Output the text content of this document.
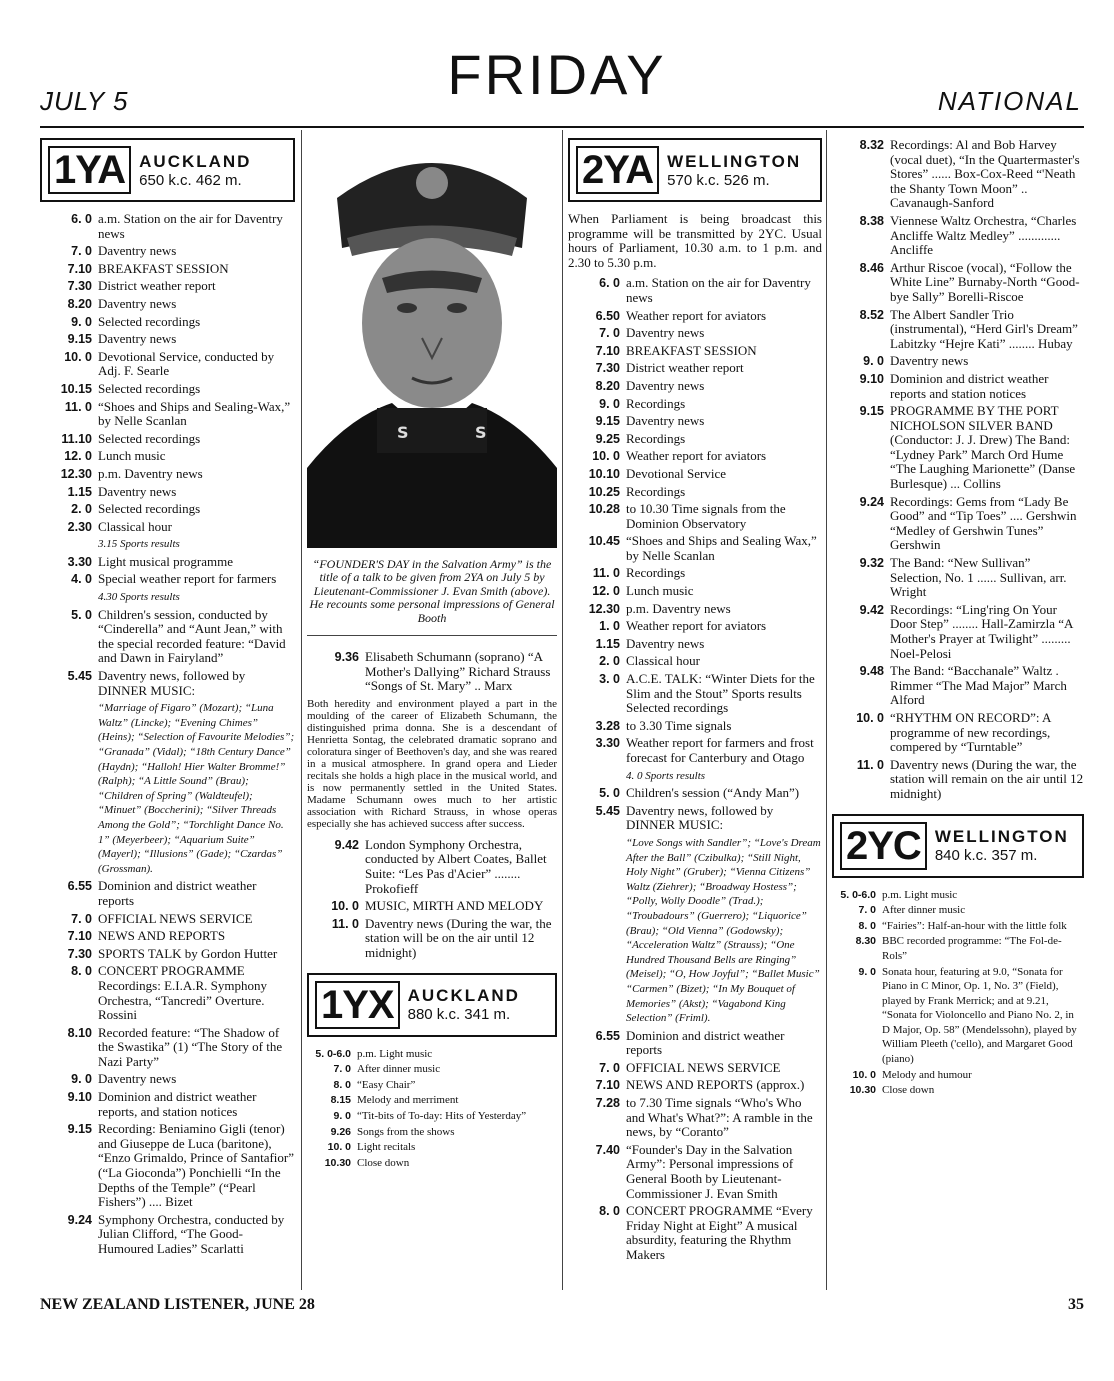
JULY 5	FRIDAY	NATIONAL
1YA AUCKLAND
650 k.c. 462 m.
6. 0 a.m. Station on the air for Daventry news
7. 0 Daventry news
7.10 BREAKFAST SESSION
7.30 District weather report
8.20 Daventry news
9. 0 Selected recordings
9.15 Daventry news
10. 0 Devotional Service, conducted by Adj. F. Searle
10.15 Selected recordings
11. 0 “Shoes and Ships and Sealing-Wax,” by Nelle Scanlan
11.10 Selected recordings
12. 0 Lunch music
12.30 p.m. Daventry news
1.15 Daventry news
2. 0 Selected recordings
2.30 Classical hour
3.15 Sports results
3.30 Light musical programme
4. 0 Special weather report for farmers
4.30 Sports results
5. 0 Children's session, conducted by “Cinderella” and “Aunt Jean,” with the special recorded feature: “David and Dawn in Fairyland”
5.45 Daventry news, followed by DINNER MUSIC:
“Marriage of Figaro” (Mozart); “Luna Waltz” (Lincke); “Evening Chimes” (Heins); “Selection of Favourite Melodies”; “Granada” (Vidal); “18th Century Dance” (Haydn); “Halloh! Hier Walter Bromme!” (Ralph); “A Little Sound” (Brau); “Children of Spring” (Waldteufel); “Minuet” (Boccherini); “Silver Threads Among the Gold”; “Torchlight Dance No. 1” (Meyerbeer); “Aquarium Suite” (Mayerl); “Illusions” (Gade); “Czardas” (Grossman).
6.55 Dominion and district weather reports
7. 0 OFFICIAL NEWS SERVICE
7.10 NEWS AND REPORTS
7.30 SPORTS TALK by Gordon Hutter
8. 0 CONCERT PROGRAMME Recordings: E.I.A.R. Symphony Orchestra, “Tancredi” Overture. Rossini
8.10 Recorded feature: “The Shadow of the Swastika” (1) “The Story of the Nazi Party”
9. 0 Daventry news
9.10 Dominion and district weather reports, and station notices
9.15 Recording: Beniamino Gigli (tenor) and Giuseppe de Luca (baritone), “Enzo Grimaldo, Prince of Santafior” (“La Gioconda”) Ponchielli “In the Depths of the Temple” (“Pearl Fishers”) .... Bizet
9.24 Symphony Orchestra, conducted by Julian Clifford, “The Good-Humoured Ladies” Scarlatti
S
S
“FOUNDER'S DAY in the Salvation Army” is the title of a talk to be given from 2YA on July 5 by Lieutenant-Commissioner J. Evan Smith (above). He recounts some personal impressions of General Booth
9.36 Elisabeth Schumann (soprano) “A Mother's Dallying” Richard Strauss “Songs of St. Mary” .. Marx
Both heredity and environment played a part in the moulding of the career of Elizabeth Schumann, the distinguished prima donna. She is a descendant of Henrietta Sontag, the celebrated dramatic soprano and coloratura singer of Beethoven's day, and she was reared in a musical atmosphere. In grand opera and Lieder recitals she holds a high place in the musical world, and is now permanently settled in the United States. Madame Schumann owes much to her artistic association with Richard Strauss, in whose operas especially she has achieved success after success.
9.42 London Symphony Orchestra, conducted by Albert Coates, Ballet Suite: “Les Pas d'Acier” ........ Prokofieff
10. 0 MUSIC, MIRTH AND MELODY
11. 0 Daventry news (During the war, the station will be on the air until 12 midnight)
1YX AUCKLAND
880 k.c. 341 m.
5. 0-6.0 p.m. Light music
7. 0 After dinner music
8. 0 “Easy Chair”
8.15 Melody and merriment
9. 0 “Tit-bits of To-day: Hits of Yesterday”
9.26 Songs from the shows
10. 0 Light recitals
10.30 Close down
2YA WELLINGTON
570 k.c. 526 m.
When Parliament is being broadcast this programme will be transmitted by 2YC. Usual hours of Parliament, 10.30 a.m. to 1 p.m. and 2.30 to 5.30 p.m.
6. 0 a.m. Station on the air for Daventry news
6.50 Weather report for aviators
7. 0 Daventry news
7.10 BREAKFAST SESSION
7.30 District weather report
8.20 Daventry news
9. 0 Recordings
9.15 Daventry news
9.25 Recordings
10. 0 Weather report for aviators
10.10 Devotional Service
10.25 Recordings
10.28 to 10.30 Time signals from the Dominion Observatory
10.45 “Shoes and Ships and Sealing Wax,” by Nelle Scanlan
11. 0 Recordings
12. 0 Lunch music
12.30 p.m. Daventry news
1. 0 Weather report for aviators
1.15 Daventry news
2. 0 Classical hour
3. 0 A.C.E. TALK: “Winter Diets for the Slim and the Stout” Sports results Selected recordings
3.28 to 3.30 Time signals
3.30 Weather report for farmers and frost forecast for Canterbury and Otago
4. 0 Sports results
5. 0 Children's session (“Andy Man”)
5.45 Daventry news, followed by DINNER MUSIC:
“Love Songs with Sandler”; “Love's Dream After the Ball” (Czibulka); “Still Night, Holy Night” (Gruber); “Vienna Citizens” Waltz (Ziehrer); “Broadway Hostess”; “Polly, Wolly Doodle” (Trad.); “Troubadours” (Guerrero); “Liquorice” (Brau); “Old Vienna” (Godowsky); “Acceleration Waltz” (Strauss); “One Hundred Thousand Bells are Ringing” (Meisel); “O, How Joyful”; “Ballet Music” “Carmen” (Bizet); “In My Bouquet of Memories” (Akst); “Vagabond King Selection” (Friml).
6.55 Dominion and district weather reports
7. 0 OFFICIAL NEWS SERVICE
7.10 NEWS AND REPORTS (approx.)
7.28 to 7.30 Time signals “Who's Who and What's What?”: A ramble in the news, by “Coranto”
7.40 “Founder's Day in the Salvation Army”: Personal impressions of General Booth by Lieutenant-Commissioner J. Evan Smith
8. 0 CONCERT PROGRAMME “Every Friday Night at Eight” A musical absurdity, featuring the Rhythm Makers
8.32 Recordings: Al and Bob Harvey (vocal duet), “In the Quartermaster's Stores” ...... Box-Cox-Reed “'Neath the Shanty Town Moon” .. Cavanaugh-Sanford
8.38 Viennese Waltz Orchestra, “Charles Ancliffe Waltz Medley” ............. Ancliffe
8.46 Arthur Riscoe (vocal), “Follow the White Line” Burnaby-North “Good-bye Sally” Borelli-Riscoe
8.52 The Albert Sandler Trio (instrumental), “Herd Girl's Dream” Labitzky “Hejre Kati” ........ Hubay
9. 0 Daventry news
9.10 Dominion and district weather reports and station notices
9.15 PROGRAMME BY THE PORT NICHOLSON SILVER BAND (Conductor: J. J. Drew) The Band: “Lydney Park” March Ord Hume “The Laughing Marionette” (Danse Burlesque) ... Collins
9.24 Recordings: Gems from “Lady Be Good” and “Tip Toes” .... Gershwin “Medley of Gershwin Tunes” Gershwin
9.32 The Band: “New Sullivan” Selection, No. 1 ...... Sullivan, arr. Wright
9.42 Recordings: “Ling'ring On Your Door Step” ........ Hall-Zamirzla “A Mother's Prayer at Twilight” ......... Noel-Pelosi
9.48 The Band: “Bacchanale” Waltz . Rimmer “The Mad Major” March Alford
10. 0 “RHYTHM ON RECORD”: A programme of new recordings, compered by “Turntable”
11. 0 Daventry news (During the war, the station will remain on the air until 12 midnight)
2YC WELLINGTON
840 k.c. 357 m.
5. 0-6.0 p.m. Light music
7. 0 After dinner music
8. 0 “Fairies”: Half-an-hour with the little folk
8.30 BBC recorded programme: “The Fol-de-Rols”
9. 0 Sonata hour, featuring at 9.0, “Sonata for Piano in C Minor, Op. 1, No. 3” (Field), played by Frank Merrick; and at 9.21, “Sonata for Violoncello and Piano No. 2, in D Major, Op. 58” (Mendelssohn), played by William Pleeth ('cello), and Margaret Good (piano)
10. 0 Melody and humour
10.30 Close down
NEW ZEALAND LISTENER, JUNE 28	35
